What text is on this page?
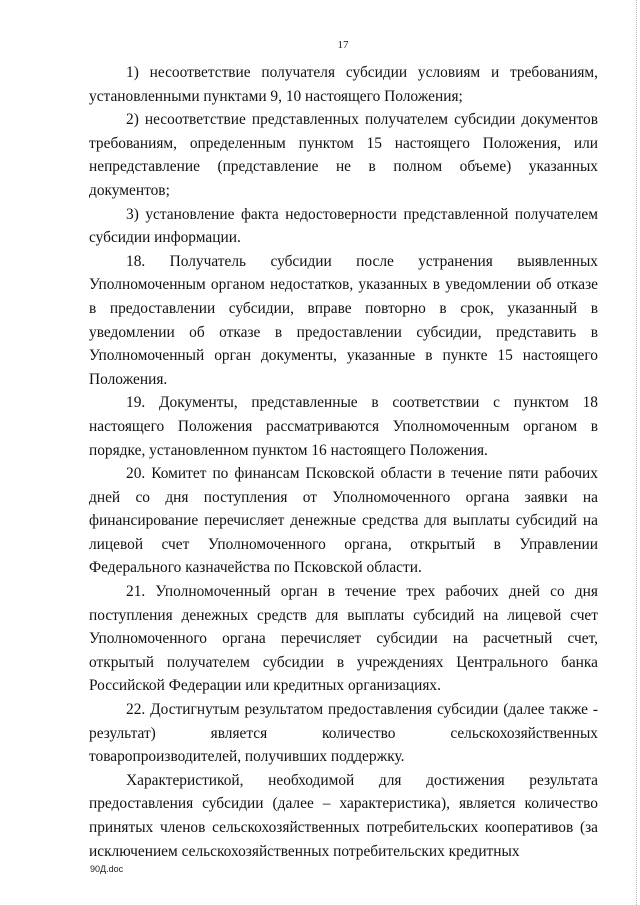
17

1) несоответствие получателя субсидии условиям и требованиям, установленными пунктами 9, 10 настоящего Положения;

2) несоответствие представленных получателем субсидии документов требованиям, определенным пунктом 15 настоящего Положения, или непредставление (представление не в полном объеме) указанных документов;

3) установление факта недостоверности представленной получателем субсидии информации.

18. Получатель субсидии после устранения выявленных Уполномоченным органом недостатков, указанных в уведомлении об отказе в предоставлении субсидии, вправе повторно в срок, указанный в уведомлении об отказе в предоставлении субсидии, представить в Уполномоченный орган документы, указанные в пункте 15 настоящего Положения.

19. Документы, представленные в соответствии с пунктом 18 настоящего Положения рассматриваются Уполномоченным органом в порядке, установленном пунктом 16 настоящего Положения.

20. Комитет по финансам Псковской области в течение пяти рабочих дней со дня поступления от Уполномоченного органа заявки на финансирование перечисляет денежные средства для выплаты субсидий на лицевой счет Уполномоченного органа, открытый в Управлении Федерального казначейства по Псковской области.

21. Уполномоченный орган в течение трех рабочих дней со дня поступления денежных средств для выплаты субсидий на лицевой счет Уполномоченного органа перечисляет субсидии на расчетный счет, открытый получателем субсидии в учреждениях Центрального банка Российской Федерации или кредитных организациях.

22. Достигнутым результатом предоставления субсидии (далее также - результат) является количество сельскохозяйственных товаропроизводителей, получивших поддержку.

Характеристикой, необходимой для достижения результата предоставления субсидии (далее – характеристика), является количество принятых членов сельскохозяйственных потребительских кооперативов (за исключением сельскохозяйственных потребительских кредитных

90Д.doc
